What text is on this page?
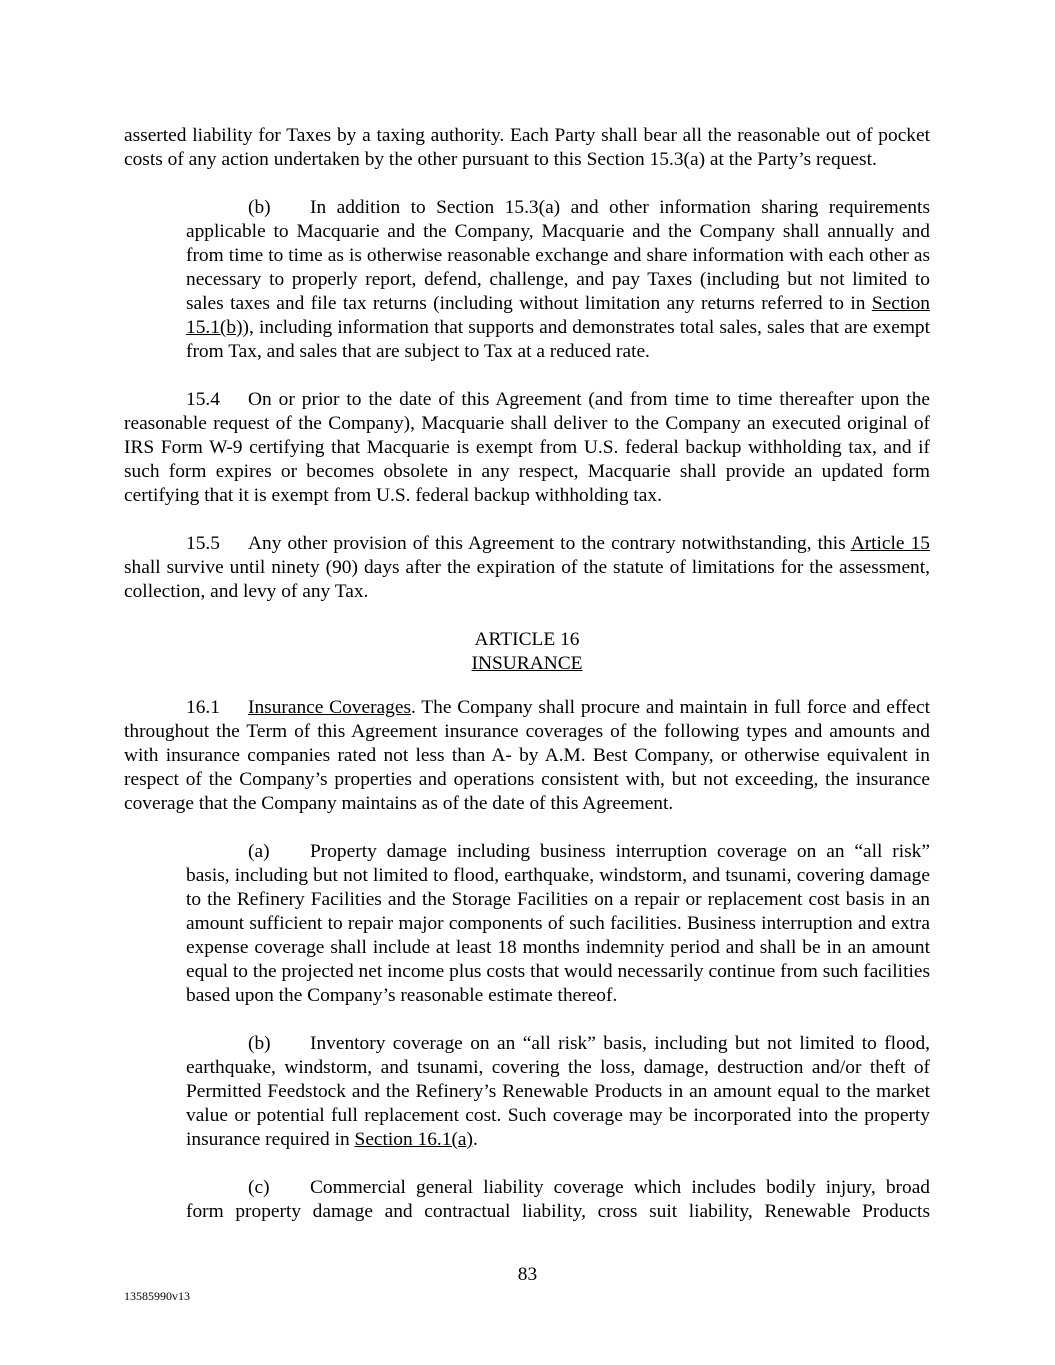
asserted liability for Taxes by a taxing authority. Each Party shall bear all the reasonable out of pocket costs of any action undertaken by the other pursuant to this Section 15.3(a) at the Party’s request.

(b) In addition to Section 15.3(a) and other information sharing requirements applicable to Macquarie and the Company, Macquarie and the Company shall annually and from time to time as is otherwise reasonable exchange and share information with each other as necessary to properly report, defend, challenge, and pay Taxes (including but not limited to sales taxes and file tax returns (including without limitation any returns referred to in Section 15.1(b)), including information that supports and demonstrates total sales, sales that are exempt from Tax, and sales that are subject to Tax at a reduced rate.

15.4 On or prior to the date of this Agreement (and from time to time thereafter upon the reasonable request of the Company), Macquarie shall deliver to the Company an executed original of IRS Form W-9 certifying that Macquarie is exempt from U.S. federal backup withholding tax, and if such form expires or becomes obsolete in any respect, Macquarie shall provide an updated form certifying that it is exempt from U.S. federal backup withholding tax.

15.5 Any other provision of this Agreement to the contrary notwithstanding, this Article 15 shall survive until ninety (90) days after the expiration of the statute of limitations for the assessment, collection, and levy of any Tax.

ARTICLE 16
INSURANCE

16.1 Insurance Coverages. The Company shall procure and maintain in full force and effect throughout the Term of this Agreement insurance coverages of the following types and amounts and with insurance companies rated not less than A- by A.M. Best Company, or otherwise equivalent in respect of the Company’s properties and operations consistent with, but not exceeding, the insurance coverage that the Company maintains as of the date of this Agreement.

(a) Property damage including business interruption coverage on an “all risk” basis, including but not limited to flood, earthquake, windstorm, and tsunami, covering damage to the Refinery Facilities and the Storage Facilities on a repair or replacement cost basis in an amount sufficient to repair major components of such facilities. Business interruption and extra expense coverage shall include at least 18 months indemnity period and shall be in an amount equal to the projected net income plus costs that would necessarily continue from such facilities based upon the Company’s reasonable estimate thereof.

(b) Inventory coverage on an “all risk” basis, including but not limited to flood, earthquake, windstorm, and tsunami, covering the loss, damage, destruction and/or theft of Permitted Feedstock and the Refinery’s Renewable Products in an amount equal to the market value or potential full replacement cost. Such coverage may be incorporated into the property insurance required in Section 16.1(a).

(c) Commercial general liability coverage which includes bodily injury, broad form property damage and contractual liability, cross suit liability, Renewable Products

83
13585990v13
